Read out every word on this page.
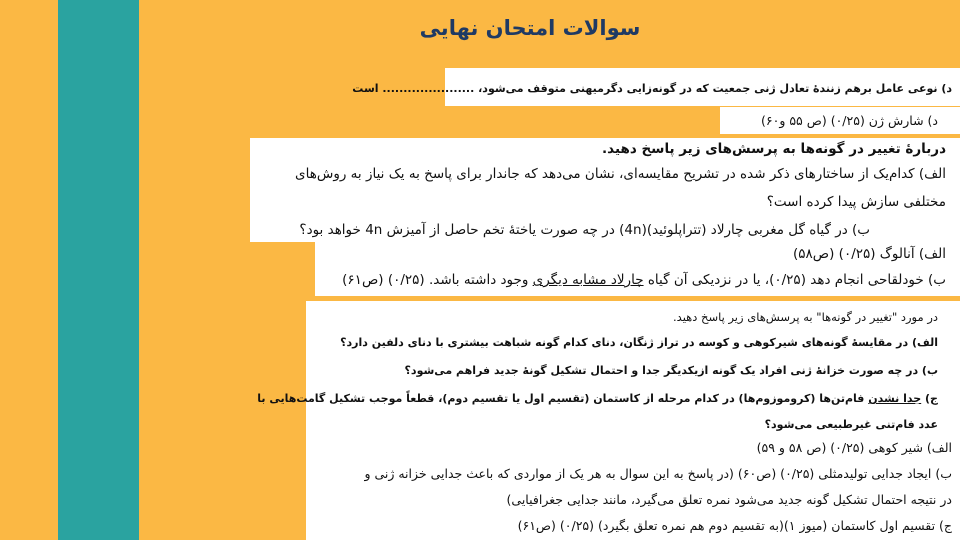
سوالات امتحان نهایی
د) نوعی عامل برهم زنندهٔ تعادل ژنی جمعیت که در گونه‌زایی دگرمیهنی متوقف می‌شود، ...................... است
د) شارش ژن (۰/۲۵) (ص ۵۵ و۶۰)
دربارهٔ تغییر در گونه‌ها به پرسش‌های زیر پاسخ دهید.
الف) کدام‌یک از ساختارهای ذکر شده در تشریح مقایسه‌ای، نشان می‌دهد که جاندار برای پاسخ به یک نیاز به روش‌های
مختلفی سازش پیدا کرده است؟
ب) در گیاه گل مغربی چارلاد (تتراپلوئید)(4n) در چه صورت یاختهٔ تخم حاصل از آمیزش 4n خواهد بود؟
الف) آنالوگ (۰/۲۵) (ص۵۸)
ب) خودلقاحی انجام دهد (۰/۲۵)، یا در نزدیکی آن گیاه چارلاد مشابه دیگری وجود داشته باشد. (۰/۲۵) (ص۶۱)
در مورد "تغییر در گونه‌ها" به پرسش‌های زیر پاسخ دهید.
الف) در مقایسهٔ گونه‌های شیرکوهی و کوسه در تراز ژنگان، دنای کدام گونه شباهت بیشتری با دنای دلفین دارد؟
ب) در چه صورت خزانهٔ ژنی افراد یک گونه ازیکدیگر جدا و احتمال تشکیل گونهٔ جدید فراهم می‌شود؟
ج) جدا نشدن فام‌تن‌ها (کروموزوم‌ها) در کدام مرحله از کاستمان (تقسیم اول یا تقسیم دوم)، قطعاً موجب تشکیل گامت‌هایی با
عدد فام‌تنی غیرطبیعی می‌شود؟
الف) شیر کوهی (۰/۲۵) (ص ۵۸ و ۵۹)
ب) ایجاد جدایی تولیدمثلی (۰/۲۵) (ص۶۰) (در پاسخ به این سوال به هر یک از مواردی که باعث جدایی خزانه ژنی و
در نتیجه احتمال تشکیل گونه جدید می‌شود نمره تعلق می‌گیرد، مانند جدایی جغرافیایی)
ج) تقسیم اول کاستمان (میوز ۱)(به تقسیم دوم هم نمره تعلق بگیرد) (۰/۲۵) (ص۶۱)
